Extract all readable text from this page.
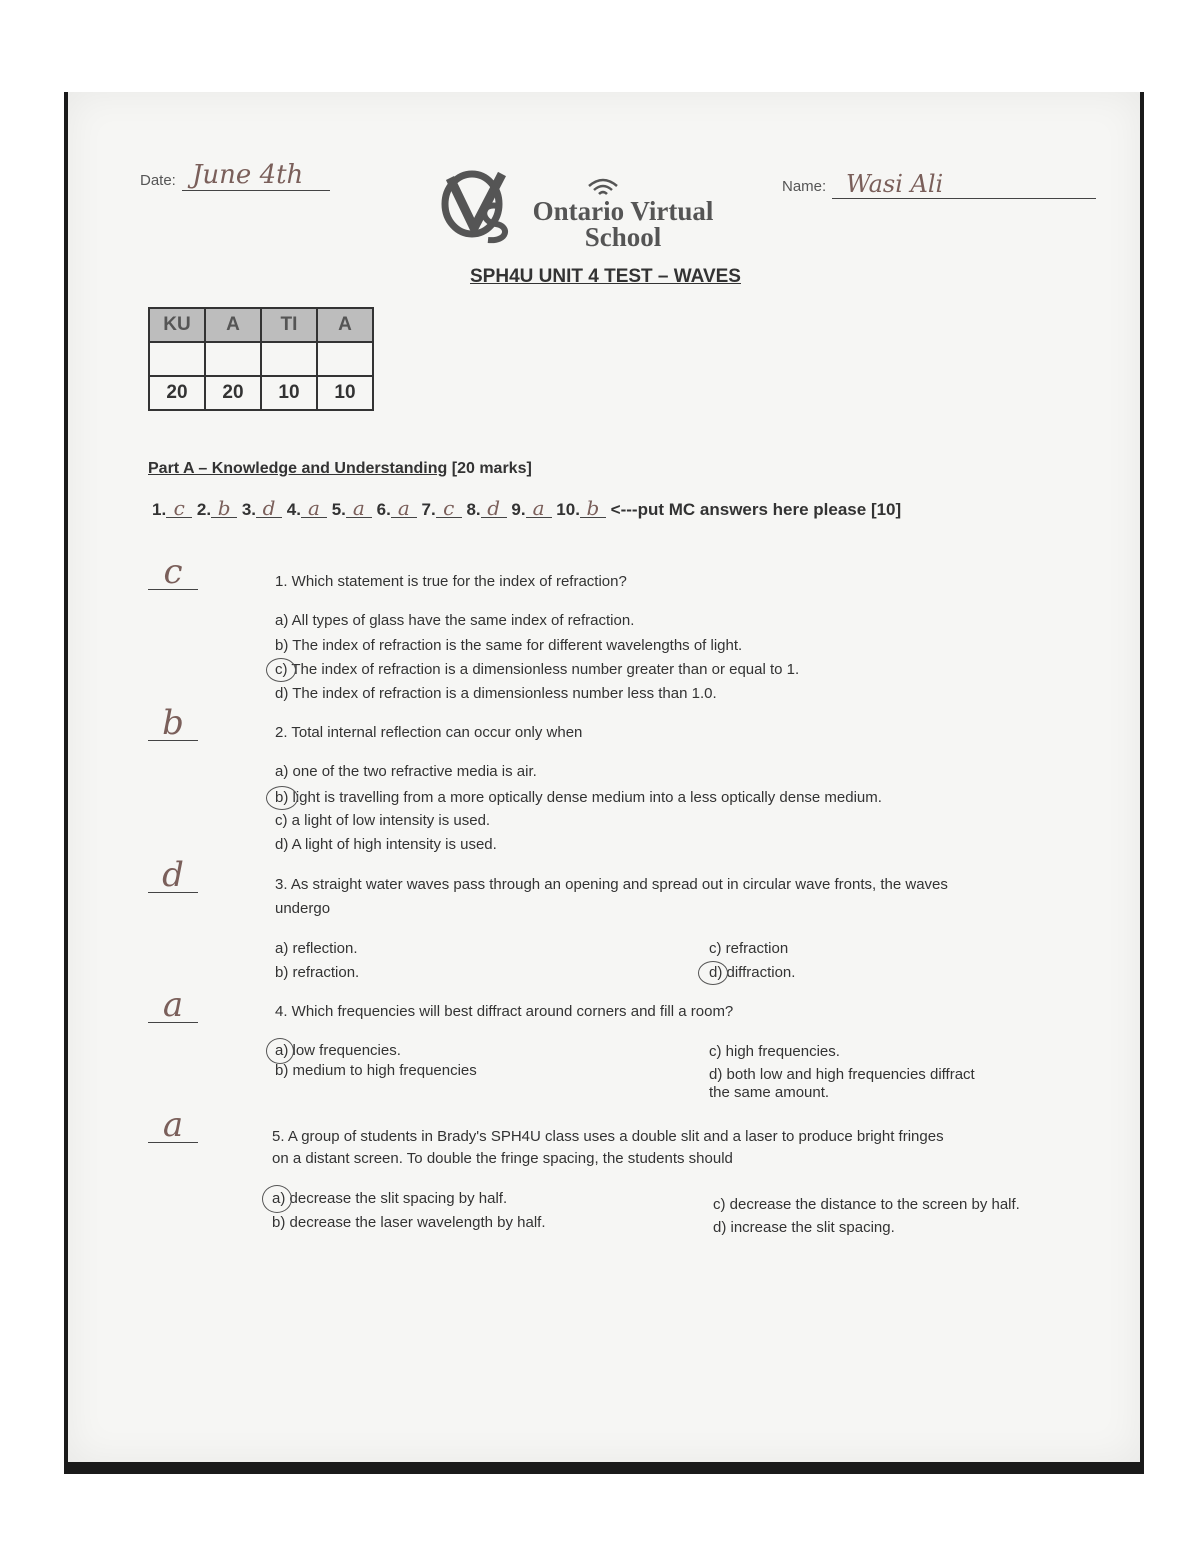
Date: June 4th
Ontario Virtual
School
Name: Wasi Ali
SPH4U UNIT 4 TEST – WAVES
KU	A	TI	A

20	20	10	10
Part A – Knowledge and Understanding [20 marks]
1. c 2. b 3. d 4. a 5. a 6. a 7. c 8. d 9. a 10. b <---put MC answers here please [10]
c	1. Which statement is true for the index of refraction?
a) All types of glass have the same index of refraction.
b) The index of refraction is the same for different wavelengths of light.
c) The index of refraction is a dimensionless number greater than or equal to 1.
d) The index of refraction is a dimensionless number less than 1.0.
b	2. Total internal reflection can occur only when
a) one of the two refractive media is air.
b) light is travelling from a more optically dense medium into a less optically dense medium.
c) a light of low intensity is used.
d) A light of high intensity is used.
d	3. As straight water waves pass through an opening and spread out in circular wave fronts, the waves
undergo
a) reflection.
b) refraction.
c) refraction
d) diffraction.
a	4. Which frequencies will best diffract around corners and fill a room?
a) low frequencies.
b) medium to high frequencies
c) high frequencies.
d) both low and high frequencies diffract
the same amount.
a	5. A group of students in Brady's SPH4U class uses a double slit and a laser to produce bright fringes
on a distant screen. To double the fringe spacing, the students should
a) decrease the slit spacing by half.
b) decrease the laser wavelength by half.
c) decrease the distance to the screen by half.
d) increase the slit spacing.
